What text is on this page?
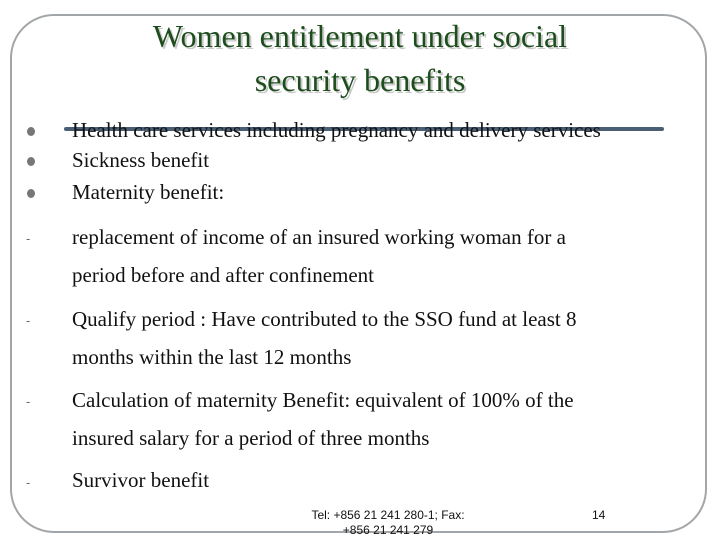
Women entitlement under social
security benefits
Health care services including pregnancy and delivery services
Sickness benefit
Maternity benefit:
- replacement of income of an insured working woman for a
period before and after confinement
- Qualify period : Have contributed to the SSO fund at least 8
months within the last 12 months
- Calculation of maternity Benefit: equivalent of 100% of the
insured salary for a period of three months
- Survivor benefit
Tel: +856 21 241 280-1; Fax:
+856 21 241 279
14
